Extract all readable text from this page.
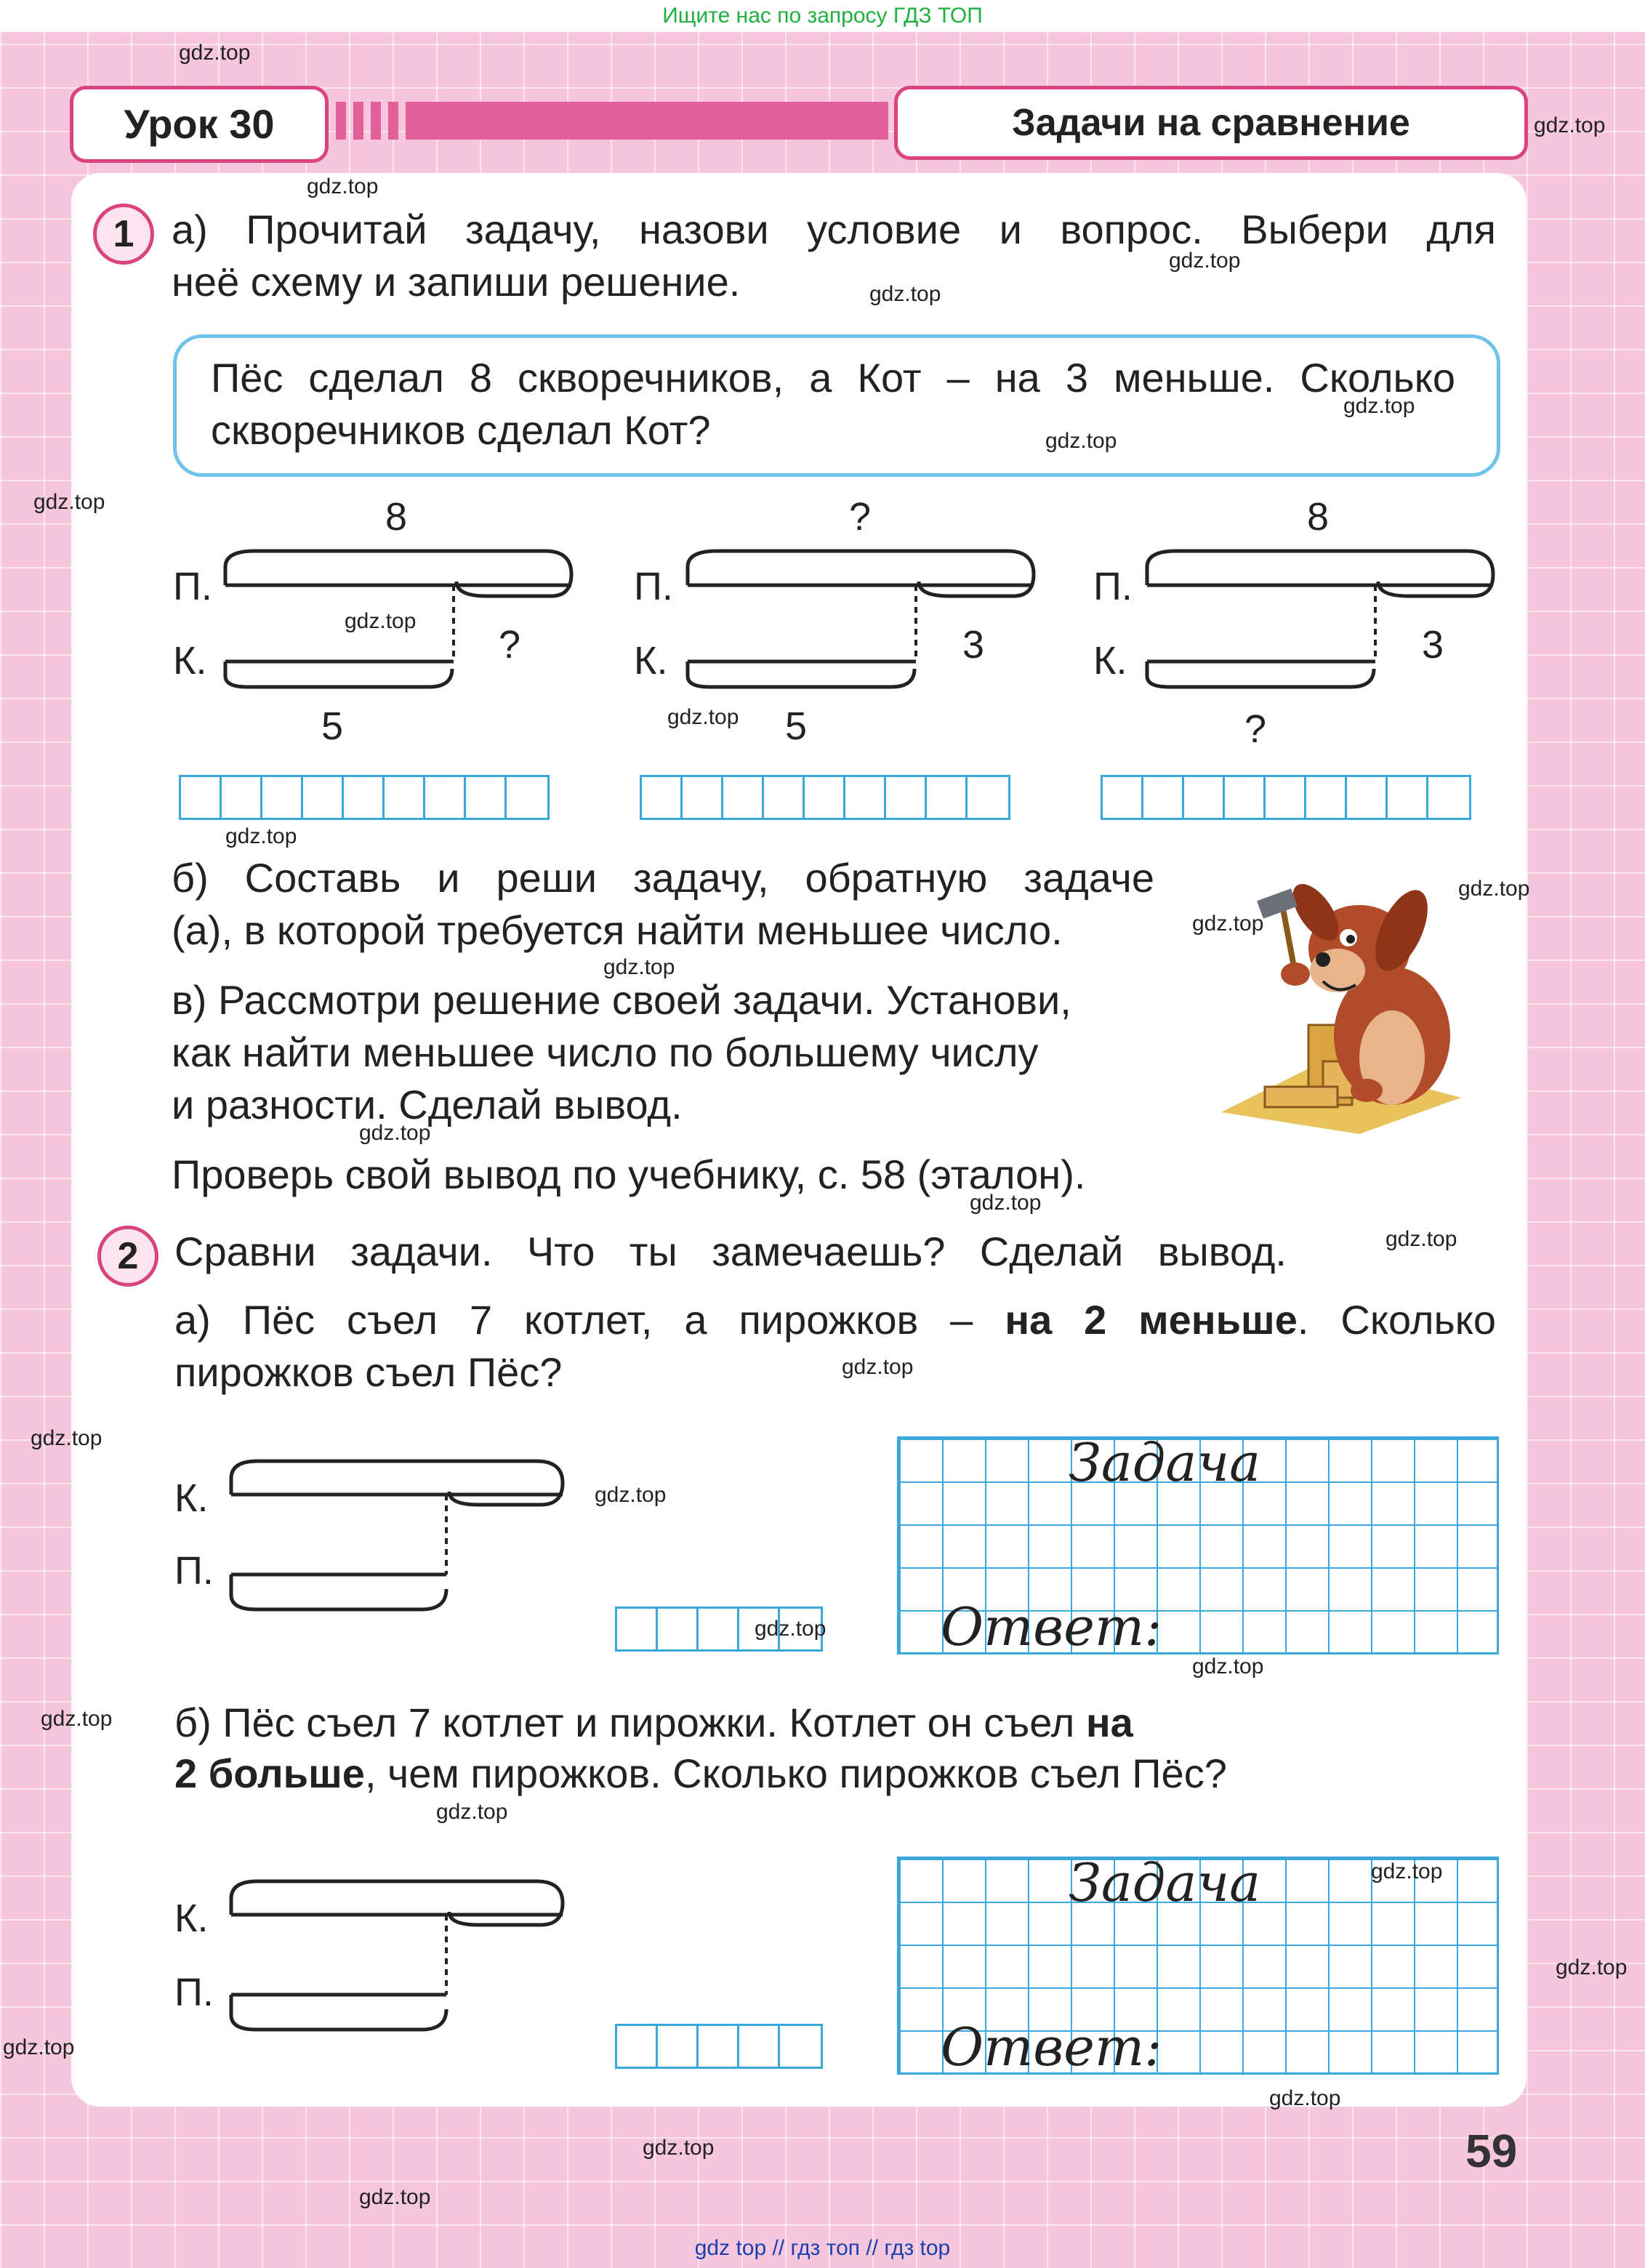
Ищите нас по запросу ГДЗ ТОП
Урок 30	Задачи на сравнение
1 а) Прочитай задачу, назови условие и вопрос. Выбери для
неё схему и запиши решение.
Пёс сделал 8 скворечников, а Кот – на 3 меньше. Сколько
скворечников сделал Кот?
8
П.
К.	?
5
?
П.
К.	3
5
8
П.
К.	3
?
б) Составь и реши задачу, обратную задаче
(а), в которой требуется найти меньшее число.
в) Рассмотри решение своей задачи. Установи,
как найти меньшее число по большему числу
и разности. Сделай вывод.
Проверь свой вывод по учебнику, с. 58 (эталон).
2 Сравни задачи. Что ты замечаешь? Сделай вывод.
а) Пёс съел 7 котлет, а пирожков – на 2 меньше. Сколько
пирожков съел Пёс?
К.
П.
Задача
Ответ:
б) Пёс съел 7 котлет и пирожки. Котлет он съел на
2 больше, чем пирожков. Сколько пирожков съел Пёс?
К.
П.
Задача
Ответ:
59
gdz.top
gdz.top
gdz.top
gdz.top
gdz.top
gdz.top
gdz.top
gdz.top
gdz.top
gdz.top
gdz.top
gdz.top
gdz.top
gdz.top
gdz.top
gdz.top
gdz.top
gdz.top
gdz.top
gdz.top
gdz.top
gdz.top
gdz.top
gdz.top
gdz.top
gdz.top
gdz.top
gdz.top
gdz.top
gdz.top
gdz top // гдз топ // гдз top
